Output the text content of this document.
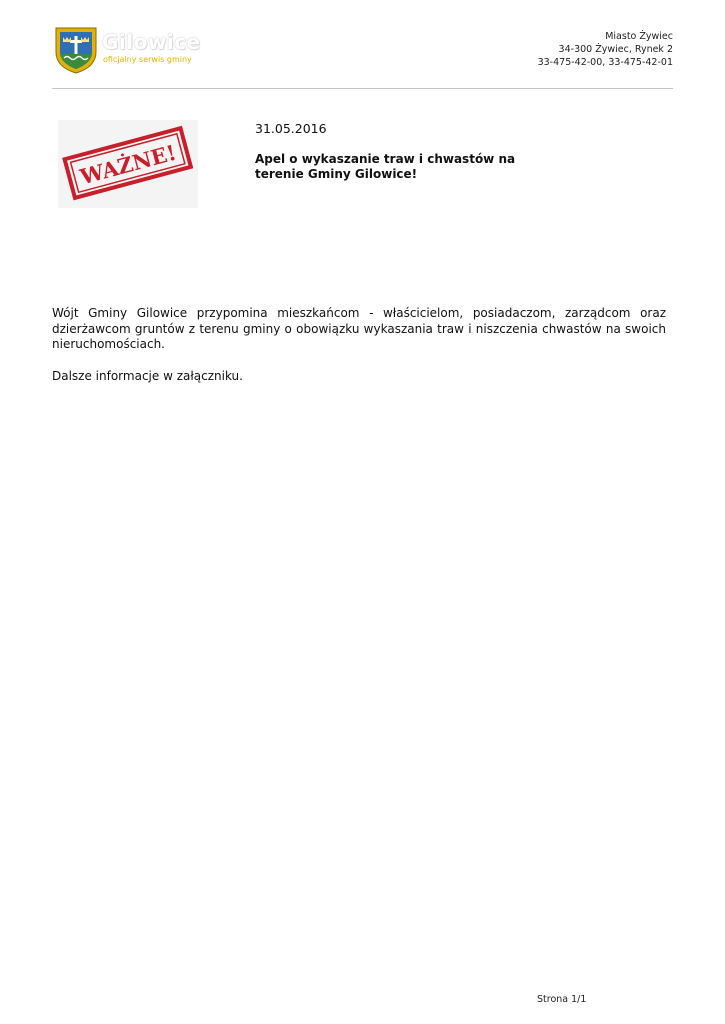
Gilowice
oficjalny serwis gminy
Miasto Żywiec
34-300 Żywiec, Rynek 2
33-475-42-00, 33-475-42-01
WAŻNE!
31.05.2016
Apel o wykaszanie traw i chwastów na terenie Gminy Gilowice!

Wójt Gminy Gilowice przypomina mieszkańcom - właścicielom, posiadaczom, zarządcom oraz dzierżawcom gruntów z terenu gminy o obowiązku wykaszania traw i niszczenia chwastów na swoich nieruchomościach.

Dalsze informacje w załączniku.

Strona 1/1
